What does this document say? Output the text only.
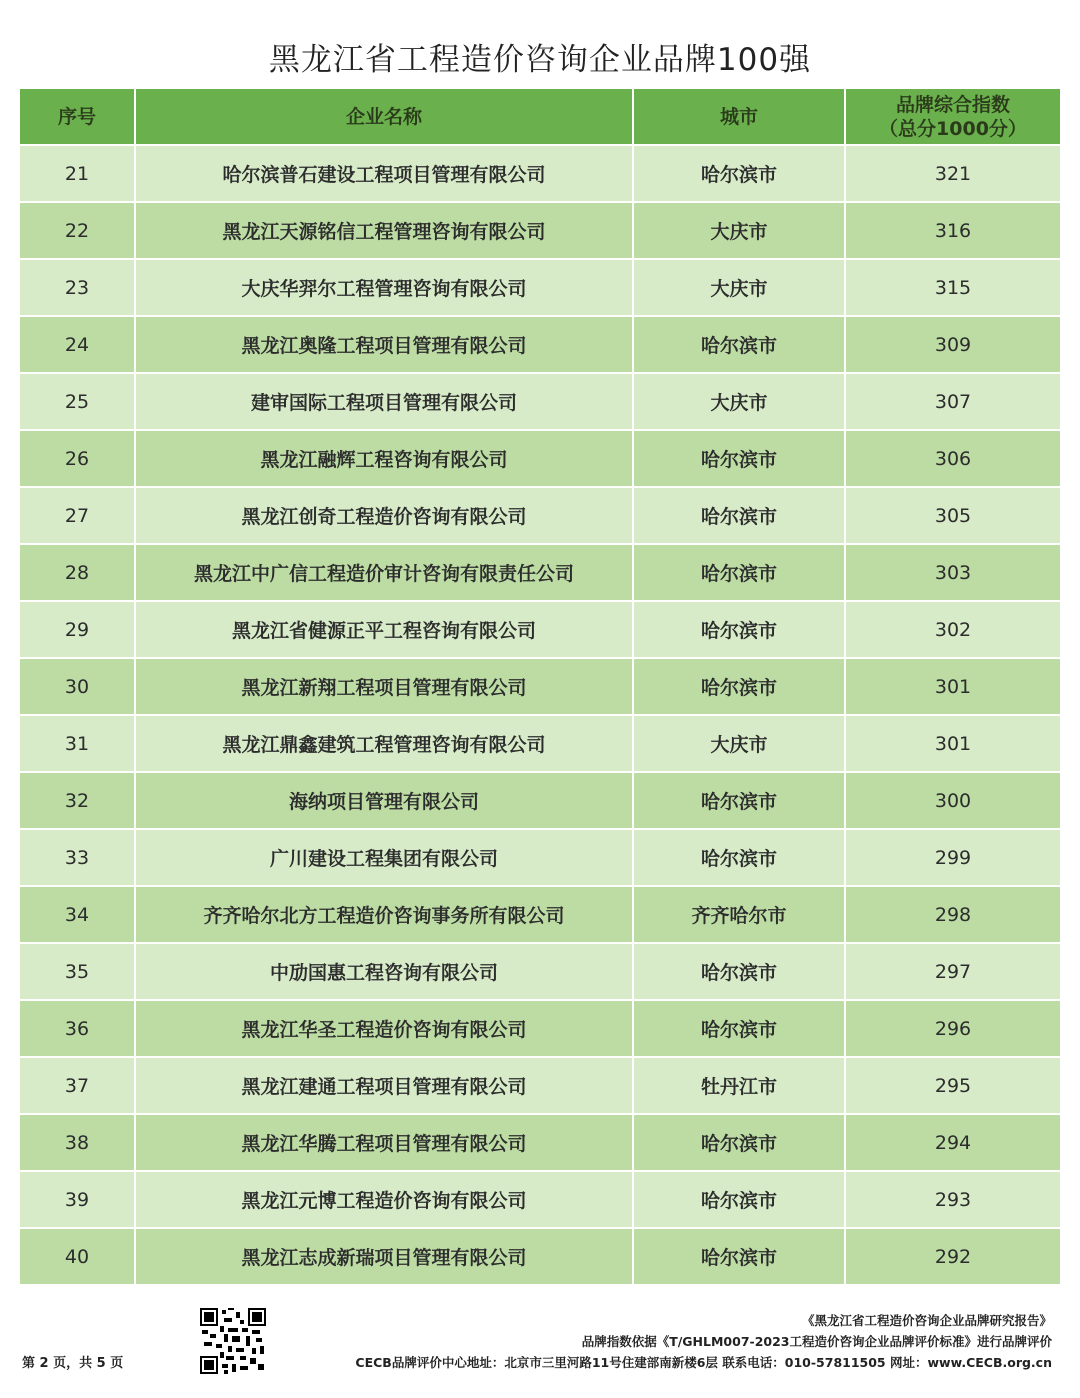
黑龙江省工程造价咨询企业品牌100强
序号	企业名称	城市	品牌综合指数
（总分1000分）

21	哈尔滨普石建设工程项目管理有限公司	哈尔滨市	321
22	黑龙江天源铭信工程管理咨询有限公司	大庆市	316
23	大庆华羿尔工程管理咨询有限公司	大庆市	315
24	黑龙江奥隆工程项目管理有限公司	哈尔滨市	309
25	建审国际工程项目管理有限公司	大庆市	307
26	黑龙江融辉工程咨询有限公司	哈尔滨市	306
27	黑龙江创奇工程造价咨询有限公司	哈尔滨市	305
28	黑龙江中广信工程造价审计咨询有限责任公司	哈尔滨市	303
29	黑龙江省健源正平工程咨询有限公司	哈尔滨市	302
30	黑龙江新翔工程项目管理有限公司	哈尔滨市	301
31	黑龙江鼎鑫建筑工程管理咨询有限公司	大庆市	301
32	海纳项目管理有限公司	哈尔滨市	300
33	广川建设工程集团有限公司	哈尔滨市	299
34	齐齐哈尔北方工程造价咨询事务所有限公司	齐齐哈尔市	298
35	中劢国惠工程咨询有限公司	哈尔滨市	297
36	黑龙江华圣工程造价咨询有限公司	哈尔滨市	296
37	黑龙江建通工程项目管理有限公司	牡丹江市	295
38	黑龙江华腾工程项目管理有限公司	哈尔滨市	294
39	黑龙江元博工程造价咨询有限公司	哈尔滨市	293
40	黑龙江志成新瑞项目管理有限公司	哈尔滨市	292
第 2 页，共 5 页
《黑龙江省工程造价咨询企业品牌研究报告》
品牌指数依据《T/GHLM007-2023工程造价咨询企业品牌评价标准》进行品牌评价
CECB品牌评价中心地址：北京市三里河路11号住建部南新楼6层 联系电话：010-57811505 网址：www.CECB.org.cn
